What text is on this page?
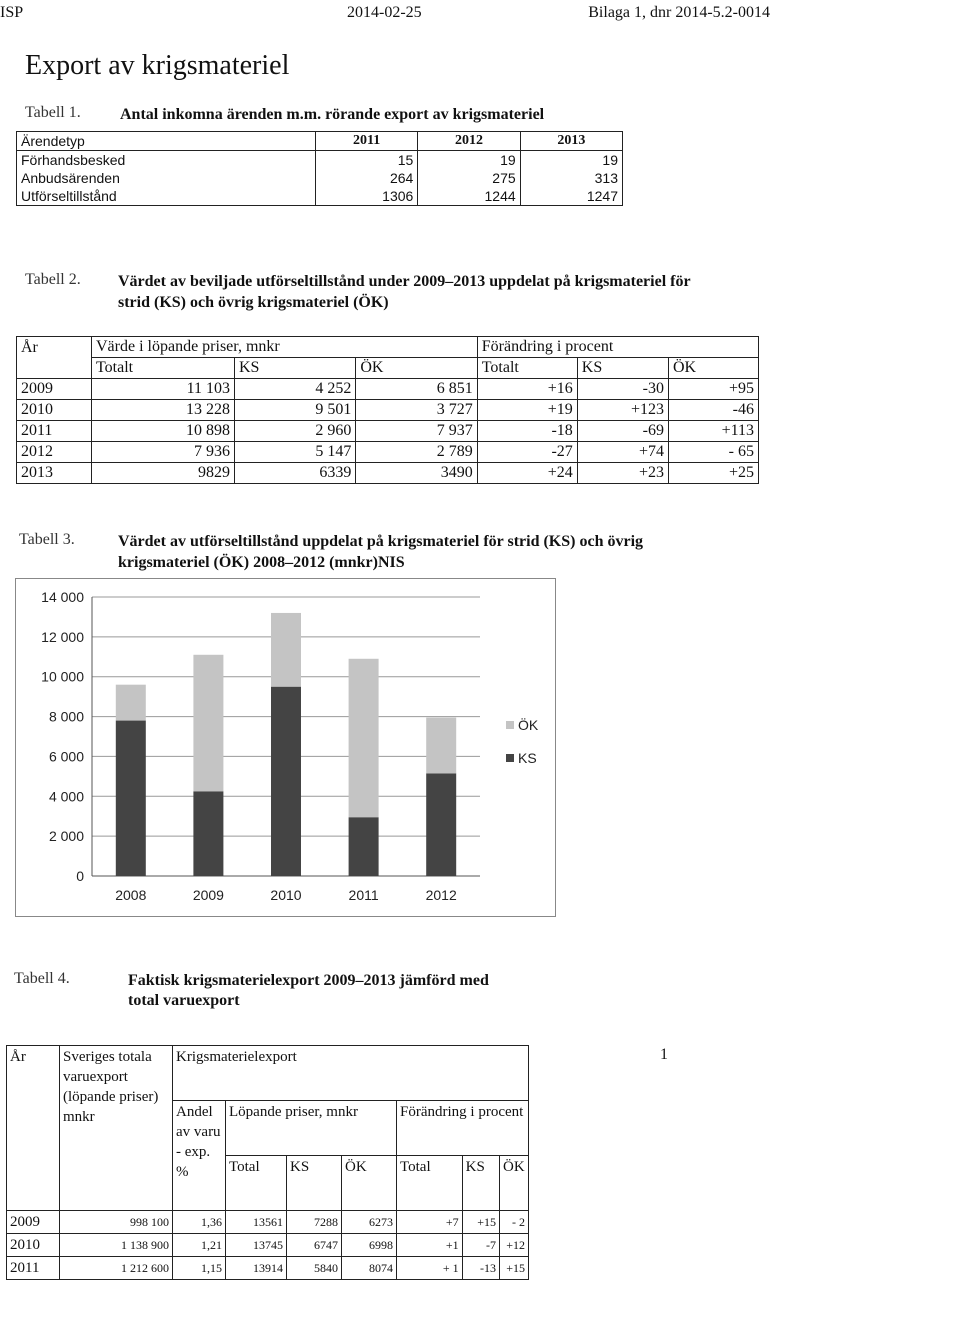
ISP	2014-02-25	Bilaga 1, dnr 2014-5.2-0014
Export av krigsmateriel
Tabell 1. Antal inkomna ärenden m.m. rörande export av krigsmateriel
Ärendetyp	2011	2012	2013
Förhandsbesked	15	19	19
Anbudsärenden	264	275	313
Utförseltillstånd	1306	1244	1247
Tabell 2. Värdet av beviljade utförseltillstånd under 2009–2013 uppdelat på krigsmateriel för
strid (KS) och övrig krigsmateriel (ÖK)
År	Värde i löpande priser, mnkr			Förändring i procent		
	Totalt	KS	ÖK	Totalt	KS	ÖK
2009	11 103	4 252	6 851	+16	-30	+95
2010	13 228	9 501	3 727	+19	+123	-46
2011	10 898	2 960	7 937	-18	-69	+113
2012	7 936	5 147	2 789	-27	+74	- 65
2013	9829	6339	3490	+24	+23	+25
Tabell 3.	Värdet av utförseltillstånd uppdelat på krigsmateriel för strid (KS) och övrig
krigsmateriel (ÖK) 2008–2012 (mnkr)NIS
0
2 000
4 000
6 000
8 000
10 000
12 000
14 000
2008	2009	2010	2011	2012
ÖK
KS
Tabell 4.	Faktisk krigsmaterielexport 2009–2013 jämförd med
total varuexport
1
År	Sveriges totala varuexport (löpande priser) mnkr	Krigsmaterielexport						
		Andel av varu - exp. %	Löpande priser, mnkr			Förändring i procent		
			Total	KS	ÖK	Total	KS	ÖK
2009	998 100	1,36	13561	7288	6273	+7	+15	- 2
2010	1 138 900	1,21	13745	6747	6998	+1	-7	+12
2011	1 212 600	1,15	13914	5840	8074	+ 1	-13	+15
